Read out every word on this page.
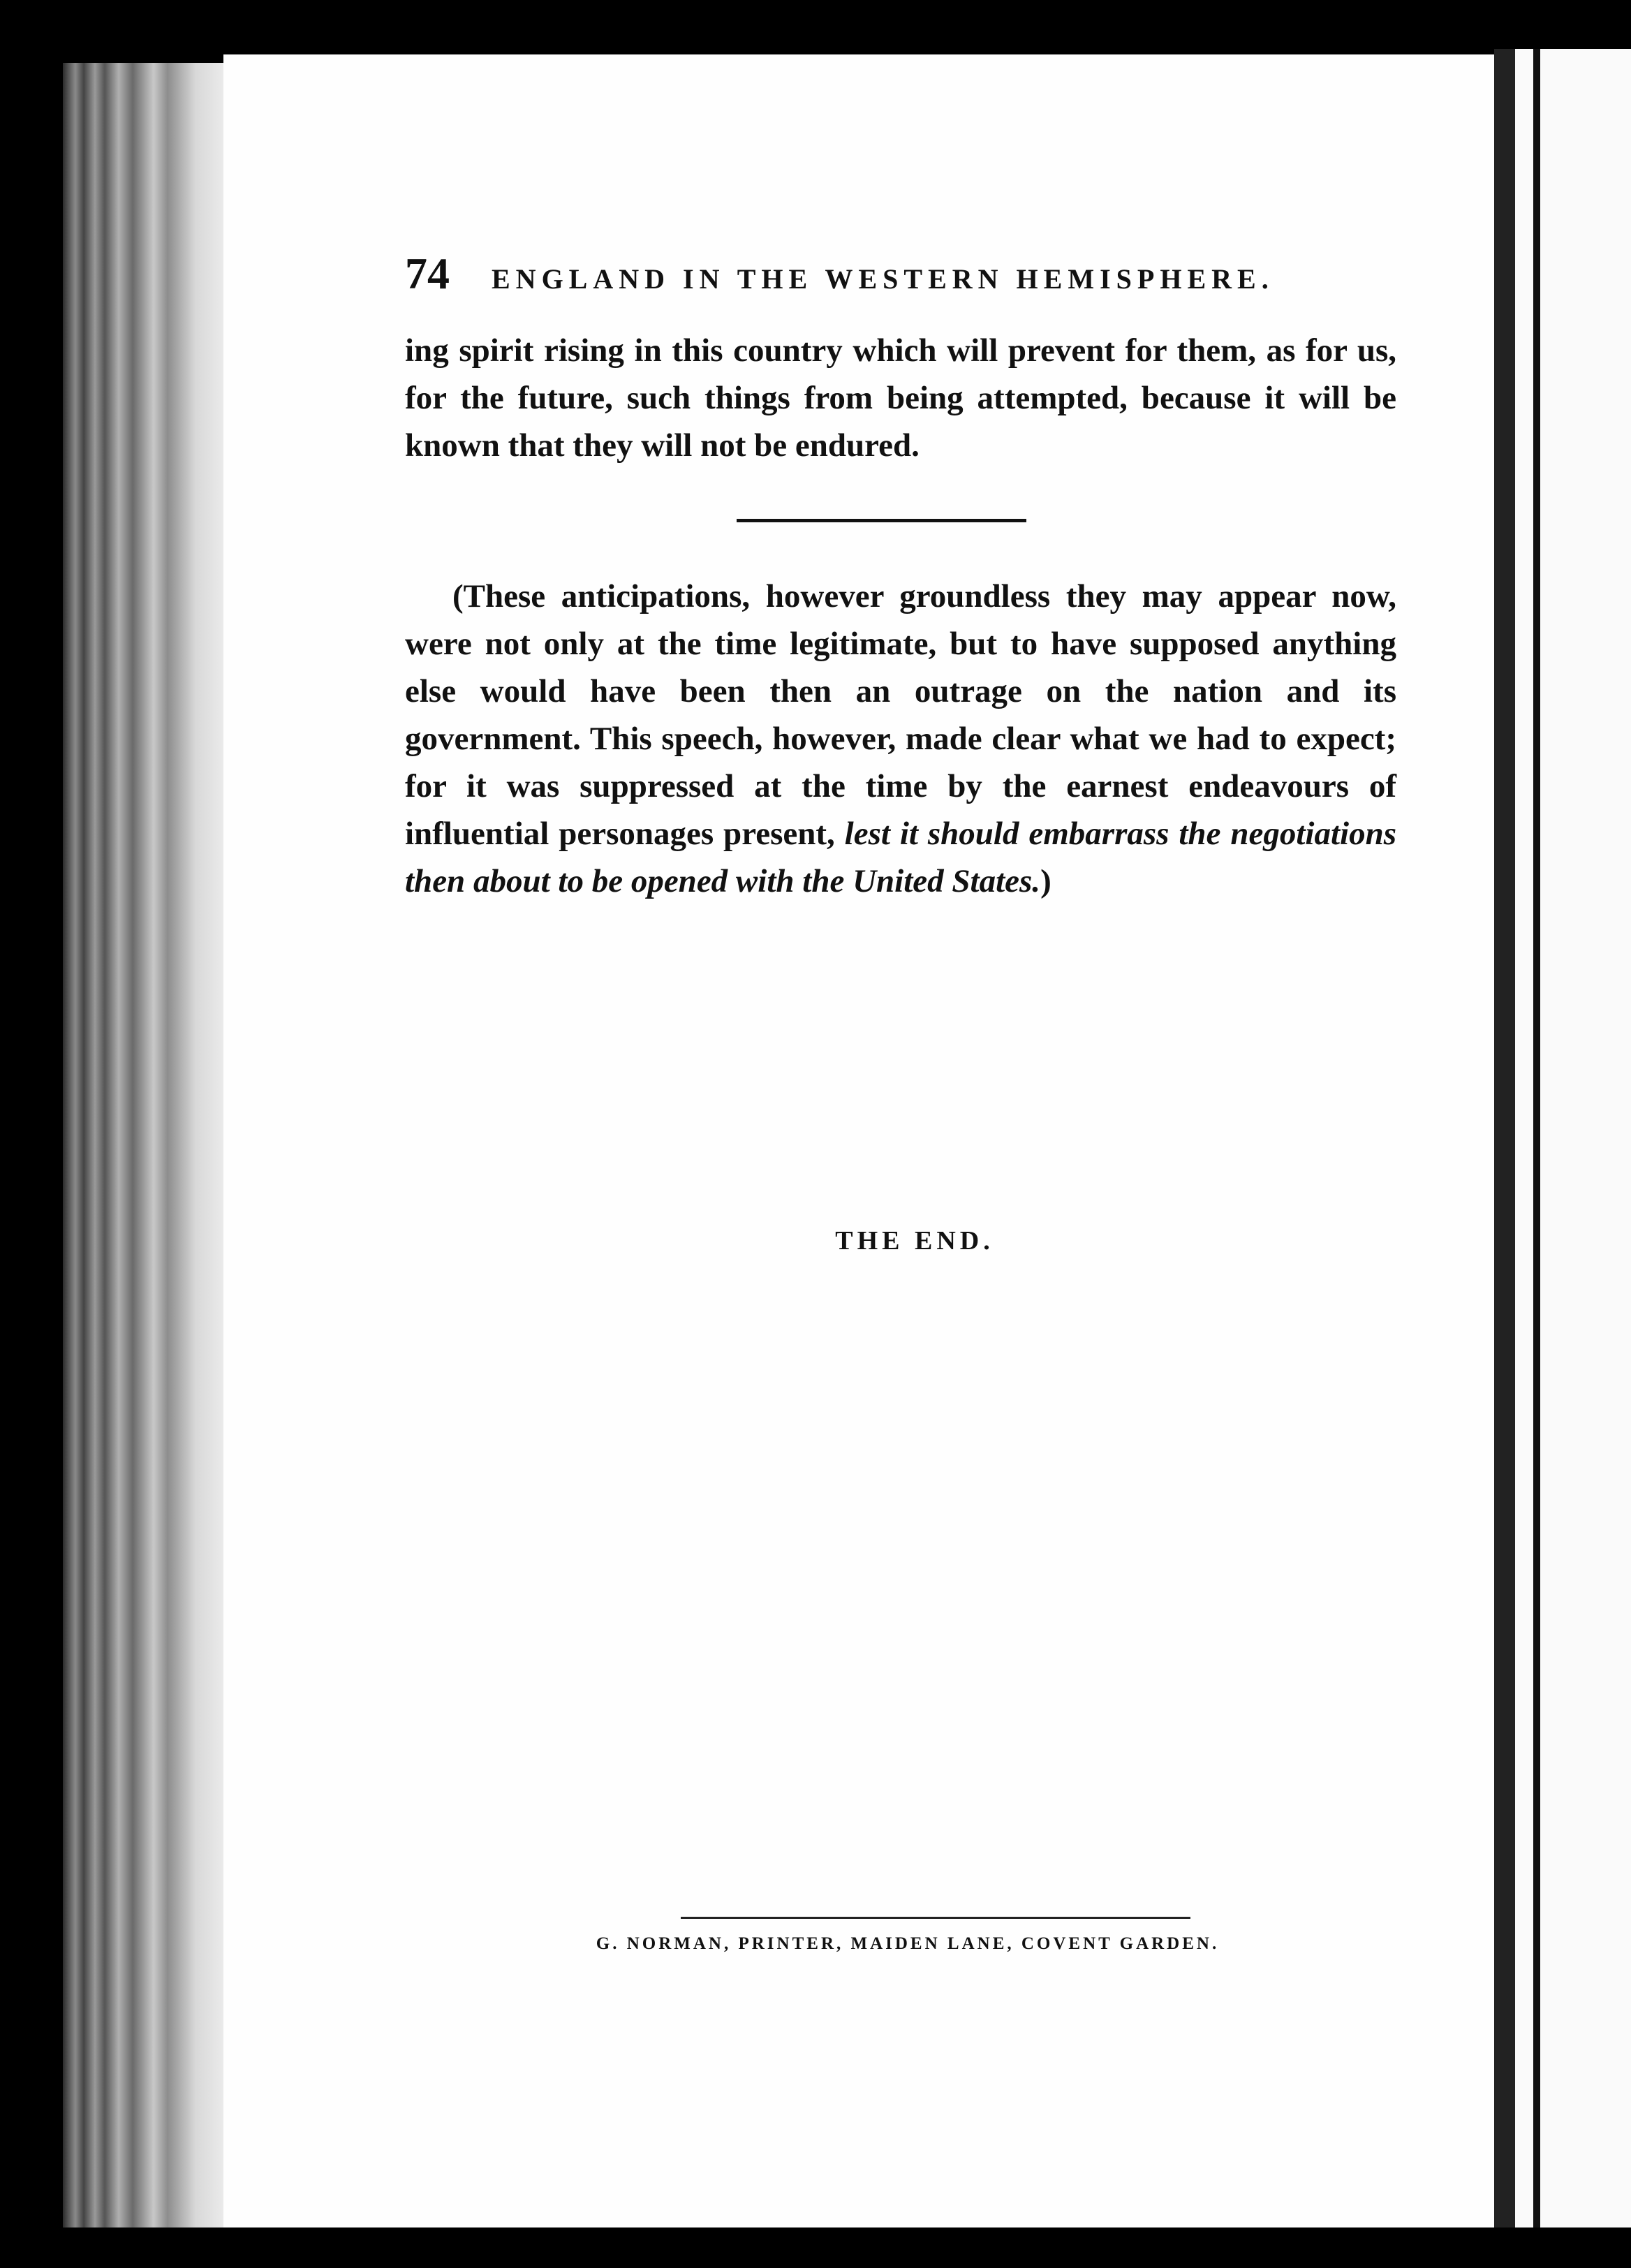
•
74 ENGLAND IN THE WESTERN HEMISPHERE.

ing spirit rising in this country which will prevent for them, as for us, for the future, such things from being attempted, because it will be known that they will not be endured.

(These anticipations, however groundless they may appear now, were not only at the time legitimate, but to have supposed anything else would have been then an outrage on the nation and its government. This speech, however, made clear what we had to expect; for it was suppressed at the time by the earnest endeavours of influential personages present, lest it should embarrass the negotiations then about to be opened with the United States.)

THE END.
G. NORMAN, PRINTER, MAIDEN LANE, COVENT GARDEN.
